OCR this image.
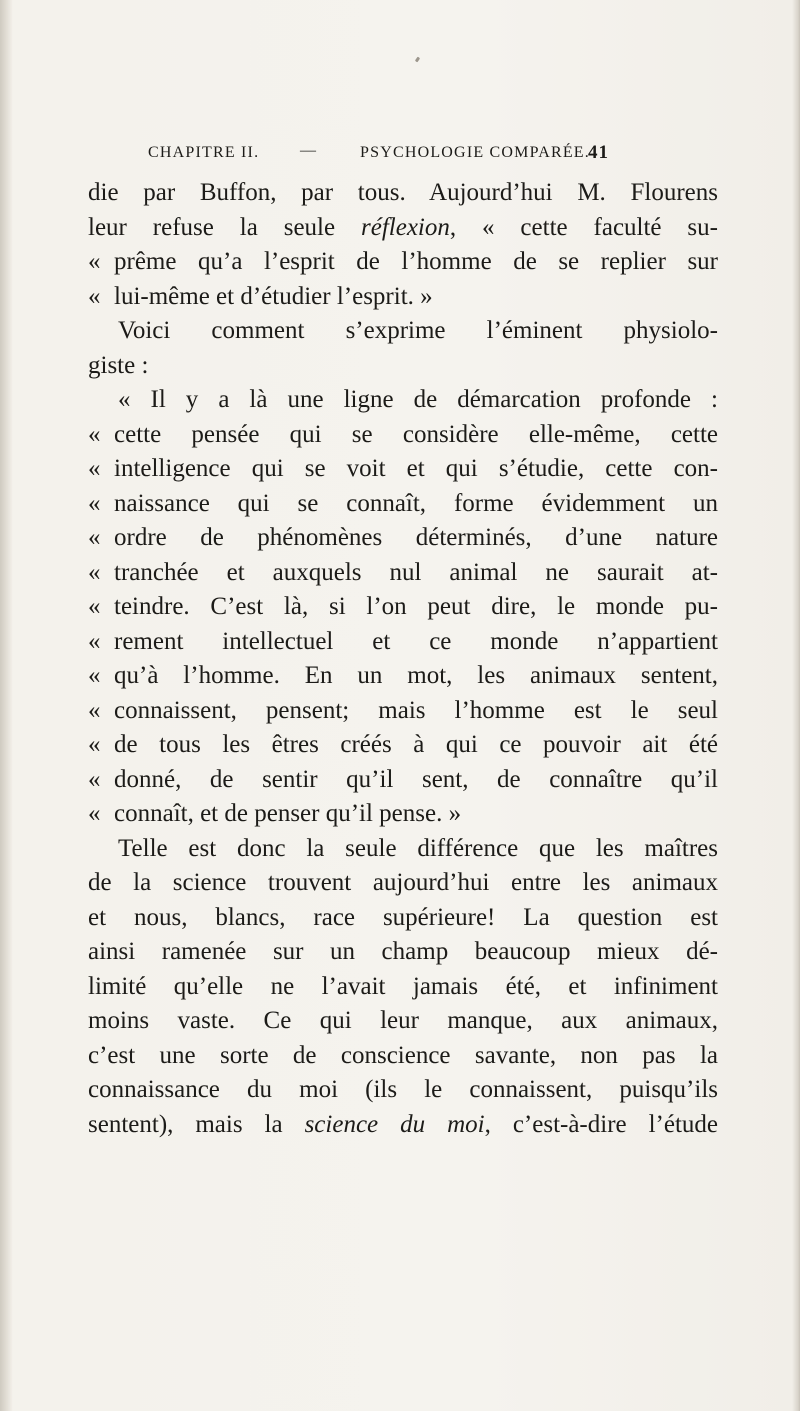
CHAPITRE II.	—	PSYCHOLOGIE COMPARÉE.
41
die par Buffon, par tous. Aujourd’hui M. Flourens
leur refuse la seule réflexion, « cette faculté su-
« prême qu’a l’esprit de l’homme de se replier sur
« lui-même et d’étudier l’esprit. »
Voici comment s’exprime l’éminent physiolo-
giste :
« Il y a là une ligne de démarcation profonde :
« cette pensée qui se considère elle-même, cette
« intelligence qui se voit et qui s’étudie, cette con-
« naissance qui se connaît, forme évidemment un
« ordre de phénomènes déterminés, d’une nature
« tranchée et auxquels nul animal ne saurait at-
« teindre. C’est là, si l’on peut dire, le monde pu-
« rement intellectuel et ce monde n’appartient
« qu’à l’homme. En un mot, les animaux sentent,
« connaissent, pensent; mais l’homme est le seul
« de tous les êtres créés à qui ce pouvoir ait été
« donné, de sentir qu’il sent, de connaître qu’il
« connaît, et de penser qu’il pense. »
Telle est donc la seule différence que les maîtres
de la science trouvent aujourd’hui entre les animaux
et nous, blancs, race supérieure! La question est
ainsi ramenée sur un champ beaucoup mieux dé-
limité qu’elle ne l’avait jamais été, et infiniment
moins vaste. Ce qui leur manque, aux animaux,
c’est une sorte de conscience savante, non pas la
connaissance du moi (ils le connaissent, puisqu’ils
sentent), mais la science du moi, c’est-à-dire l’étude
